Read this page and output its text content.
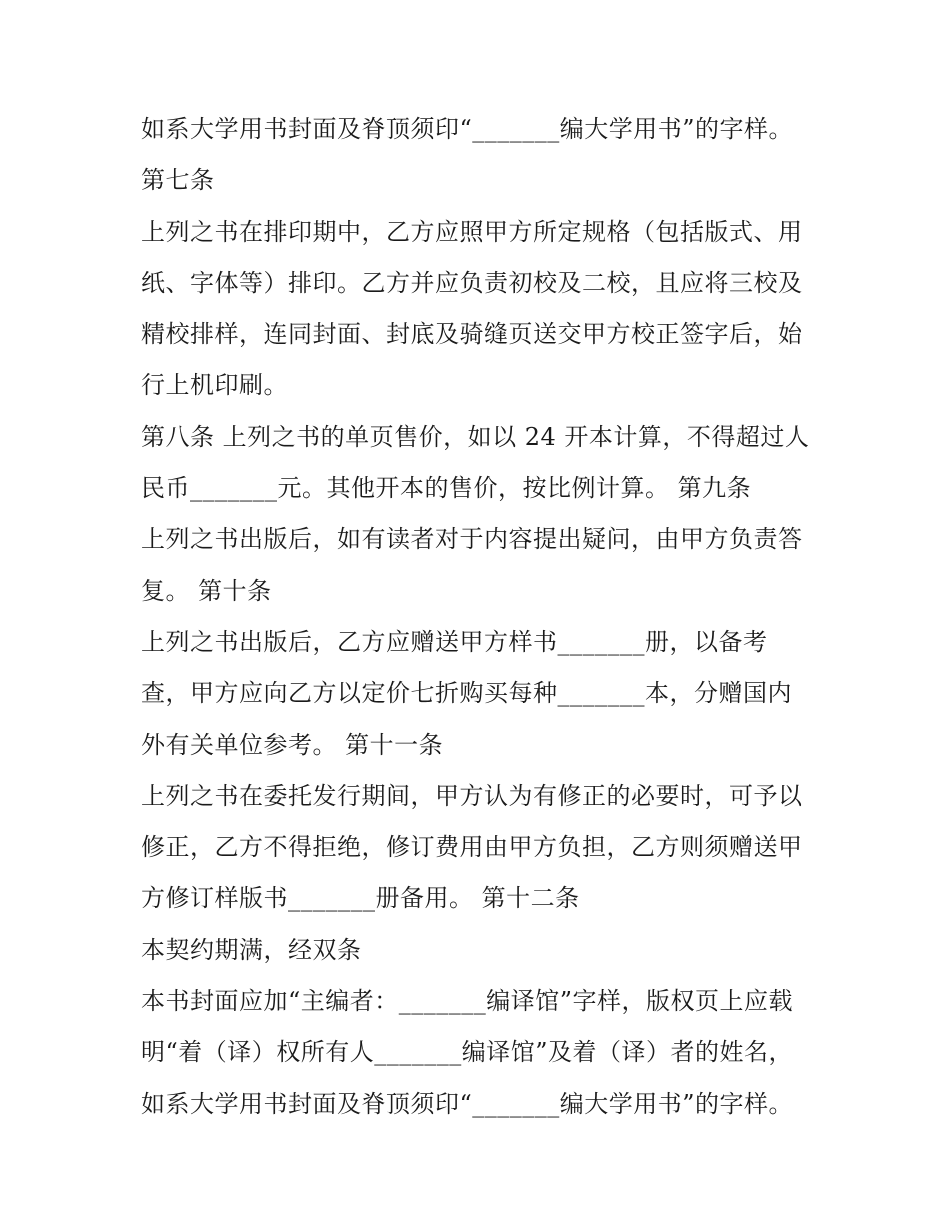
如系大学用书封面及脊顶须印“_______编大学用书”的字样。
第七条
上列之书在排印期中，乙方应照甲方所定规格（包括版式、用
纸、字体等）排印。乙方并应负责初校及二校，且应将三校及
精校排样，连同封面、封底及骑缝页送交甲方校正签字后，始
行上机印刷。
第八条 上列之书的单页售价，如以 24 开本计算，不得超过人
民币_______元。其他开本的售价，按比例计算。 第九条
上列之书出版后，如有读者对于内容提出疑问，由甲方负责答
复。 第十条
上列之书出版后，乙方应赠送甲方样书_______册，以备考
查，甲方应向乙方以定价七折购买每种_______本，分赠国内
外有关单位参考。 第十一条
上列之书在委托发行期间，甲方认为有修正的必要时，可予以
修正，乙方不得拒绝，修订费用由甲方负担，乙方则须赠送甲
方修订样版书_______册备用。 第十二条
本契约期满，经双条
本书封面应加“主编者：_______编译馆”字样，版权页上应载
明“着（译）权所有人_______编译馆”及着（译）者的姓名，
如系大学用书封面及脊顶须印“_______编大学用书”的字样。
